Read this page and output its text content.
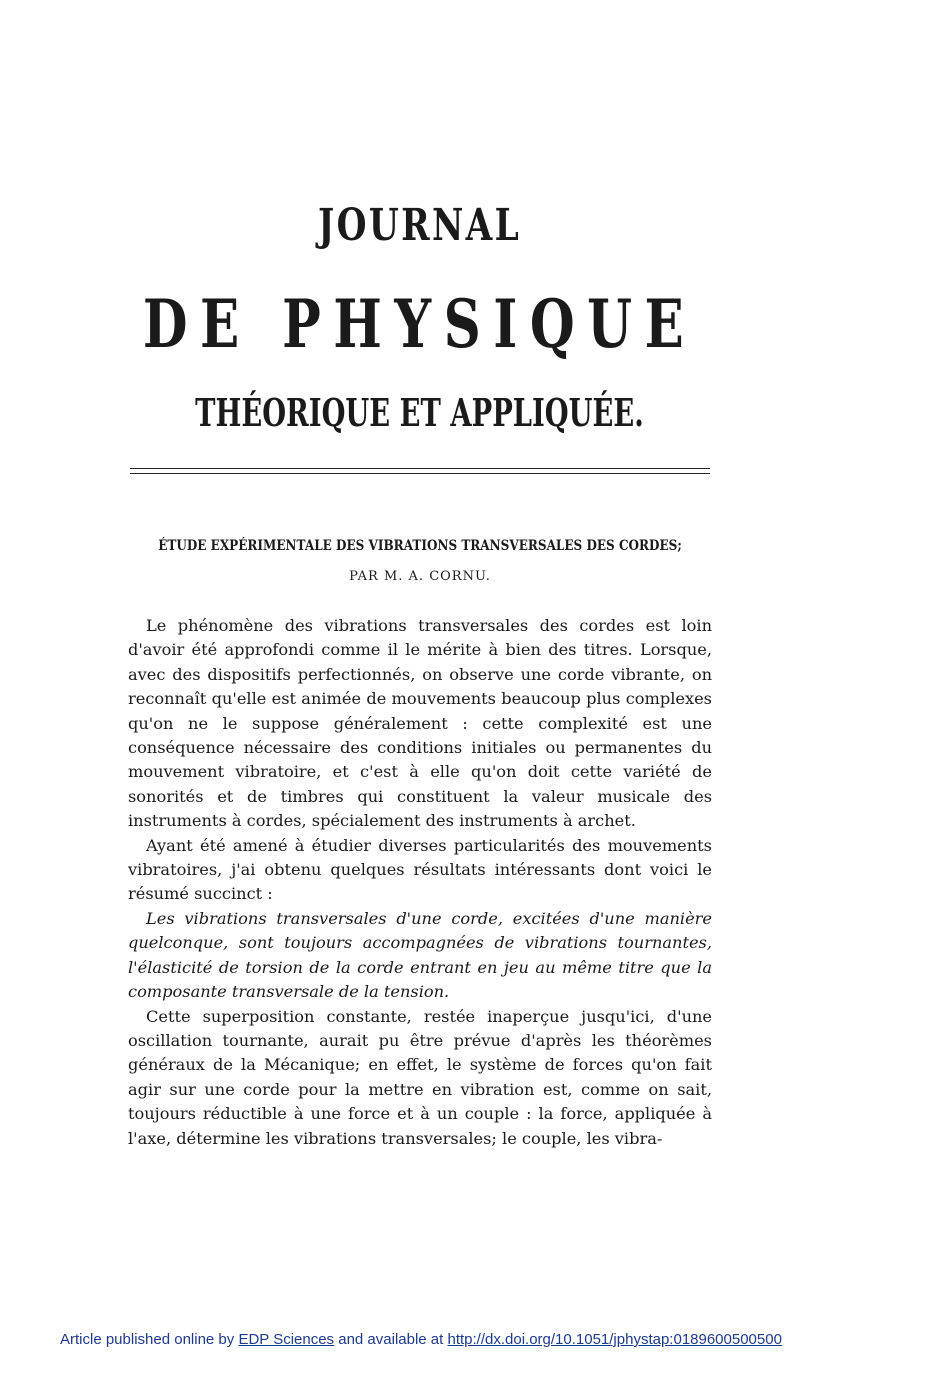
JOURNAL
DE PHYSIQUE
THÉORIQUE ET APPLIQUÉE.
ÉTUDE EXPÉRIMENTALE DES VIBRATIONS TRANSVERSALES DES CORDES;
PAR M. A. CORNU.

Le phénomène des vibrations transversales des cordes est loin d'avoir été approfondi comme il le mérite à bien des titres. Lorsque, avec des dispositifs perfectionnés, on observe une corde vibrante, on reconnaît qu'elle est animée de mouvements beaucoup plus complexes qu'on ne le suppose généralement : cette complexité est une conséquence nécessaire des conditions initiales ou permanentes du mouvement vibratoire, et c'est à elle qu'on doit cette variété de sonorités et de timbres qui constituent la valeur musicale des instruments à cordes, spécialement des instruments à archet.

Ayant été amené à étudier diverses particularités des mouvements vibratoires, j'ai obtenu quelques résultats intéressants dont voici le résumé succinct :

Les vibrations transversales d'une corde, excitées d'une manière quelconque, sont toujours accompagnées de vibrations tournantes, l'élasticité de torsion de la corde entrant en jeu au même titre que la composante transversale de la tension.

Cette superposition constante, restée inaperçue jusqu'ici, d'une oscillation tournante, aurait pu être prévue d'après les théorèmes généraux de la Mécanique; en effet, le système de forces qu'on fait agir sur une corde pour la mettre en vibration est, comme on sait, toujours réductible à une force et à un couple : la force, appliquée à l'axe, détermine les vibrations transversales; le couple, les vibra-

Article published online by EDP Sciences and available at http://dx.doi.org/10.1051/jphystap:0189600500500
